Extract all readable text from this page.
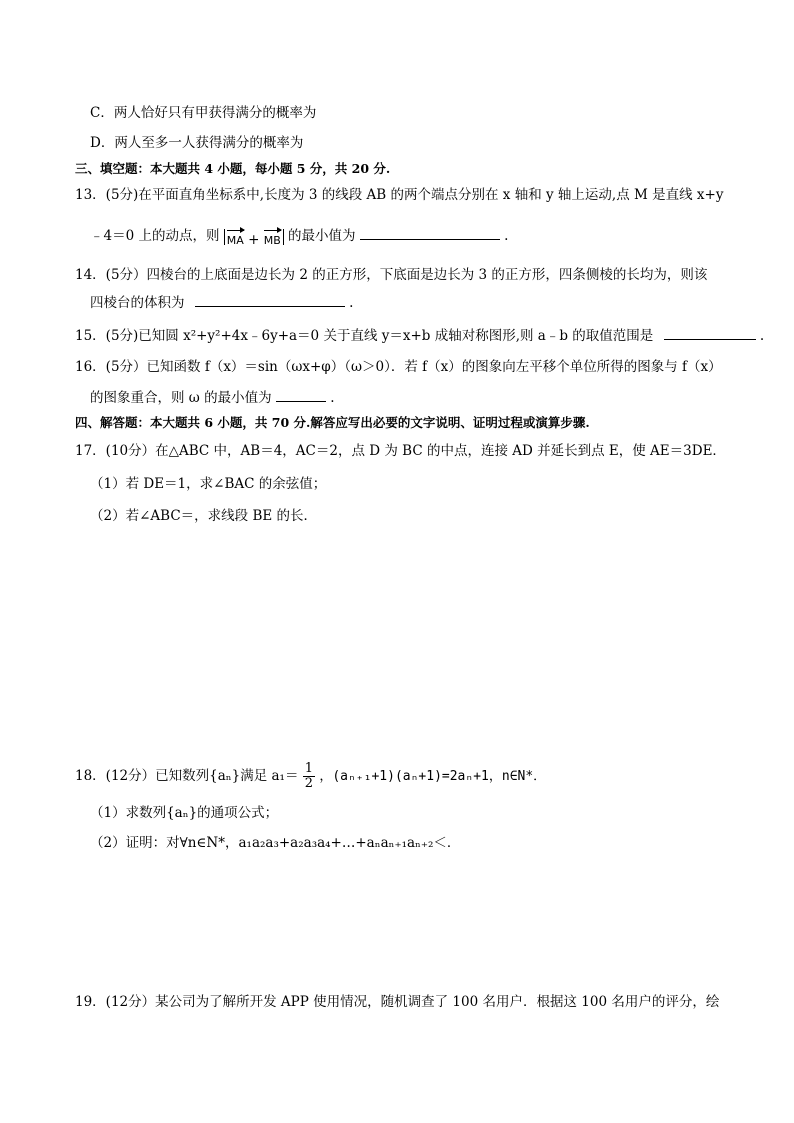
C．两人恰好只有甲获得满分的概率为
D．两人至多一人获得满分的概率为
三、填空题：本大题共 4 小题，每小题 5 分，共 20 分.
13．(5分)在平面直角坐标系中,长度为 3 的线段 AB 的两个端点分别在 x 轴和 y 轴上运动,点 M 是直线 x+y
﹣4＝0 上的动点，则 MA + MB 的最小值为	.
14．(5分）四棱台的上底面是边长为 2 的正方形，下底面是边长为 3 的正方形，四条侧棱的长均为，则该
四棱台的体积为	.
15．(5分)已知圆 x²+y²+4x﹣6y+a＝0 关于直线 y＝x+b 成轴对称图形,则 a﹣b 的取值范围是	.
16．(5分）已知函数 f（x）＝sin（ωx+φ）（ω＞0）．若 f（x）的图象向左平移个单位所得的图象与 f（x）
的图象重合，则 ω 的最小值为	.
四、解答题：本大题共 6 小题，共 70 分.解答应写出必要的文字说明、证明过程或演算步骤.
17．(10分）在△ABC 中，AB＝4，AC＝2，点 D 为 BC 的中点，连接 AD 并延长到点 E，使 AE＝3DE．
（1）若 DE＝1，求∠BAC 的余弦值；
（2）若∠ABC＝，求线段 BE 的长．
18．(12分）已知数列{aₙ}满足 $a_1= \frac{1}{2}$ ，(aₙ₊₁+1)(aₙ+1)=2aₙ+1，n∈N*．
（1）求数列{aₙ}的通项公式；
（2）证明：对∀n∈N*，a₁a₂a₃+a₂a₃a₄+…+aₙaₙ₊₁aₙ₊₂＜．
19．(12分）某公司为了解所开发 APP 使用情况，随机调查了 100 名用户．根据这 100 名用户的评分，绘
